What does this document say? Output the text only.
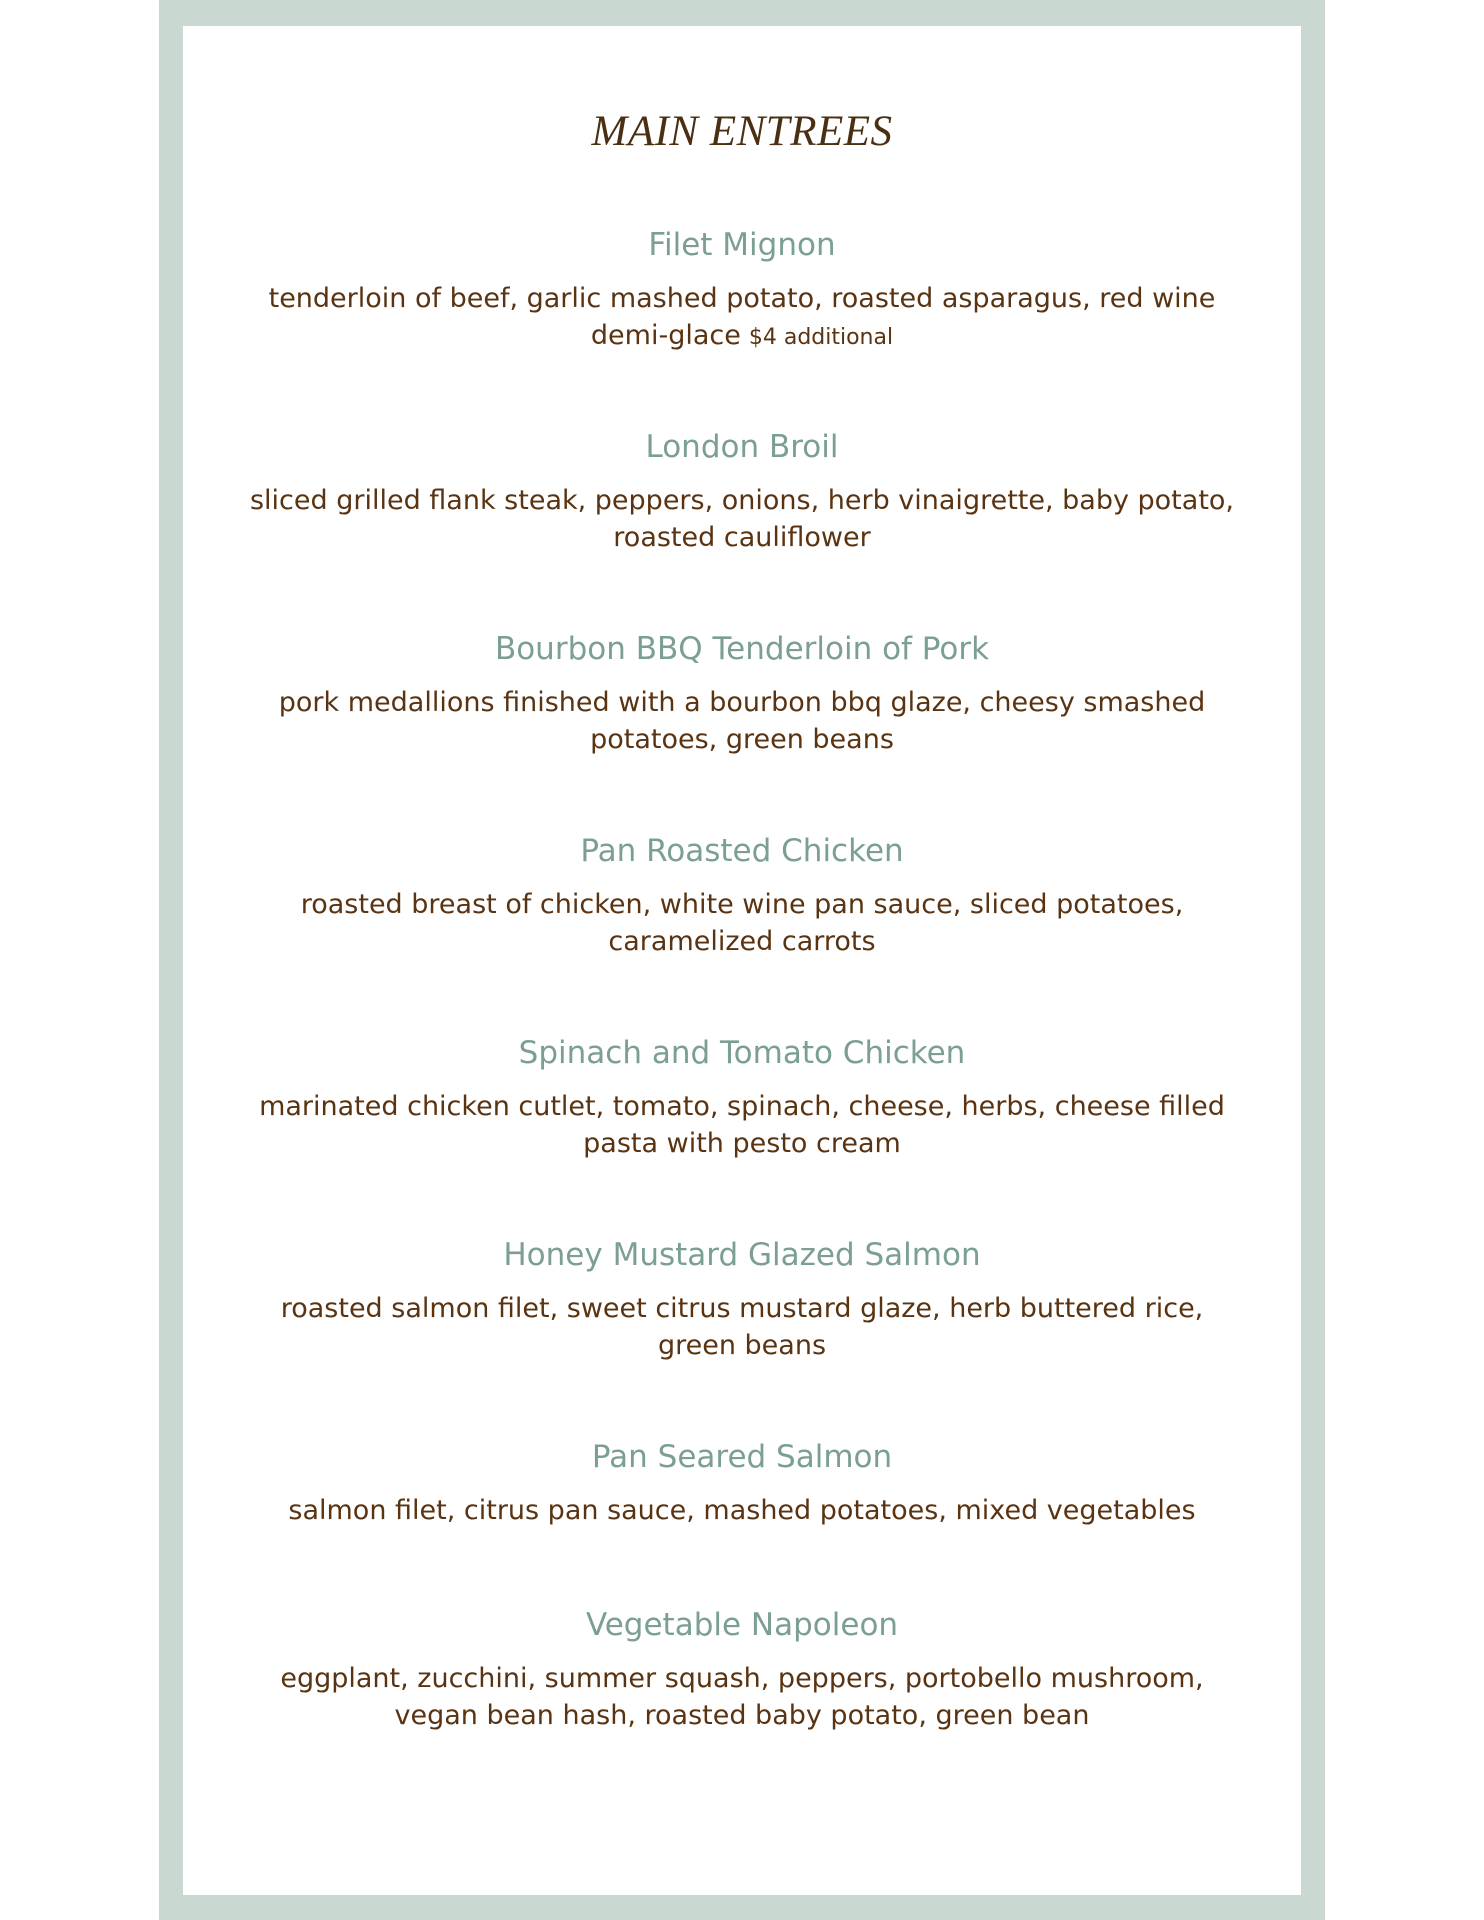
MAIN ENTREES
Filet Mignon

tenderloin of beef, garlic mashed potato, roasted asparagus, red wine demi-glace $4 additional

London Broil

sliced grilled flank steak, peppers, onions, herb vinaigrette, baby potato, roasted cauliflower

Bourbon BBQ Tenderloin of Pork

pork medallions finished with a bourbon bbq glaze, cheesy smashed potatoes, green beans

Pan Roasted Chicken

roasted breast of chicken, white wine pan sauce, sliced potatoes, caramelized carrots

Spinach and Tomato Chicken

marinated chicken cutlet, tomato, spinach, cheese, herbs, cheese filled pasta with pesto cream

Honey Mustard Glazed Salmon

roasted salmon filet, sweet citrus mustard glaze, herb buttered rice, green beans

Pan Seared Salmon

salmon filet, citrus pan sauce, mashed potatoes, mixed vegetables

Vegetable Napoleon

eggplant, zucchini, summer squash, peppers, portobello mushroom, vegan bean hash, roasted baby potato, green bean
